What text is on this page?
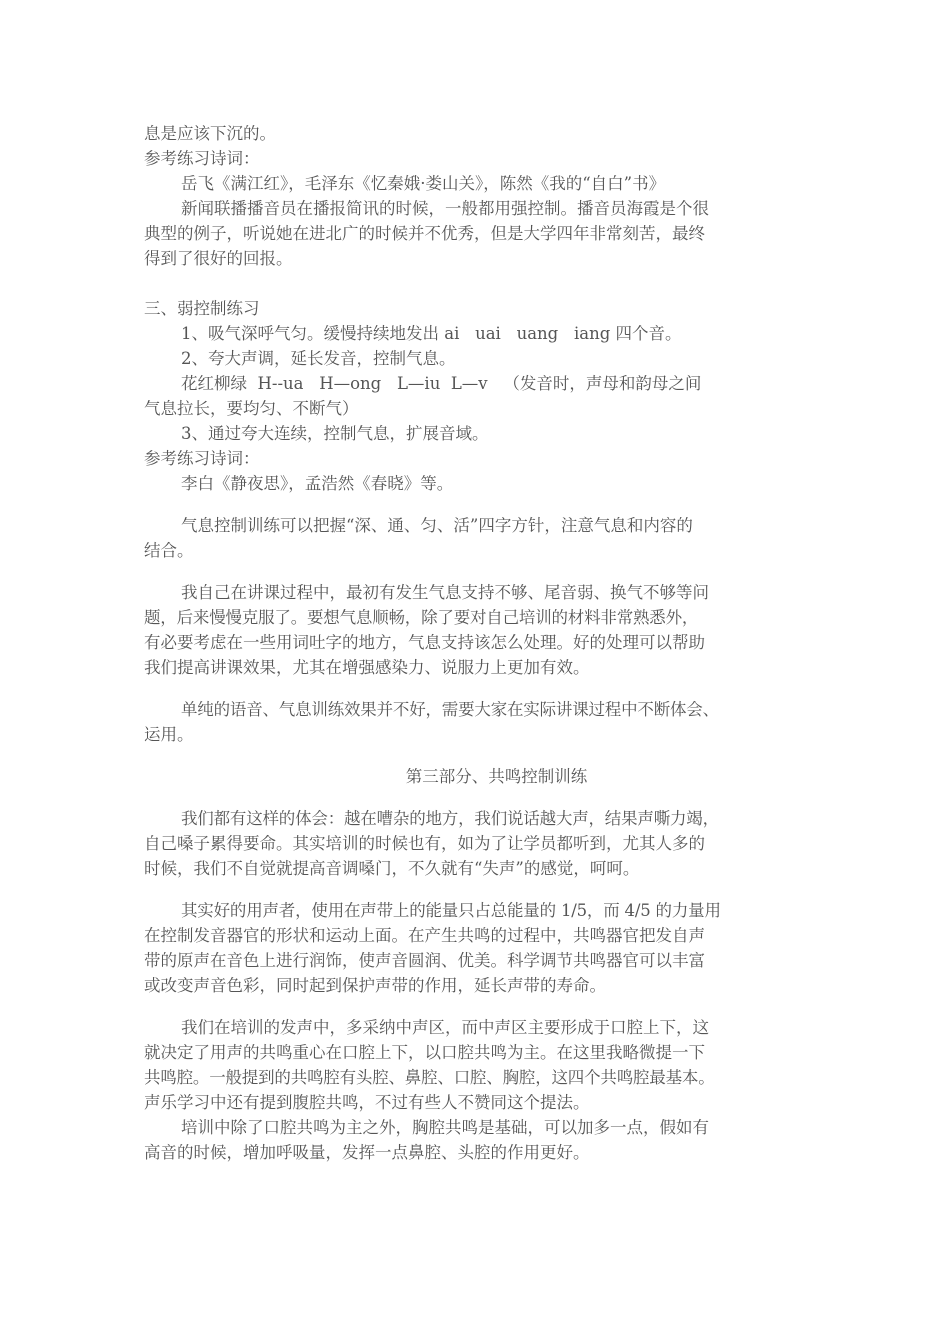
息是应该下沉的。
参考练习诗词：
岳飞《满江红》，毛泽东《忆秦娥·娄山关》，陈然《我的“自白”书》
新闻联播播音员在播报简讯的时候，一般都用强控制。播音员海霞是个很
典型的例子，听说她在进北广的时候并不优秀，但是大学四年非常刻苦，最终
得到了很好的回报。
三、弱控制练习
1、吸气深呼气匀。缓慢持续地发出 ai   uai   uang   iang 四个音。
2、夸大声调，延长发音，控制气息。
花红柳绿  H--ua   H—ong   L—iu  L—v   （发音时，声母和韵母之间
气息拉长，要均匀、不断气）
3、通过夸大连续，控制气息，扩展音域。
参考练习诗词：
李白《静夜思》，孟浩然《春晓》等。
气息控制训练可以把握“深、通、匀、活”四字方针，注意气息和内容的
结合。
我自己在讲课过程中，最初有发生气息支持不够、尾音弱、换气不够等问
题，后来慢慢克服了。要想气息顺畅，除了要对自己培训的材料非常熟悉外，
有必要考虑在一些用词吐字的地方，气息支持该怎么处理。好的处理可以帮助
我们提高讲课效果，尤其在增强感染力、说服力上更加有效。
单纯的语音、气息训练效果并不好，需要大家在实际讲课过程中不断体会、
运用。
第三部分、共鸣控制训练
我们都有这样的体会：越在嘈杂的地方，我们说话越大声，结果声嘶力竭，
自己嗓子累得要命。其实培训的时候也有，如为了让学员都听到，尤其人多的
时候，我们不自觉就提高音调嗓门，不久就有“失声”的感觉，呵呵。
其实好的用声者，使用在声带上的能量只占总能量的 1/5，而 4/5 的力量用
在控制发音器官的形状和运动上面。在产生共鸣的过程中，共鸣器官把发自声
带的原声在音色上进行润饰，使声音圆润、优美。科学调节共鸣器官可以丰富
或改变声音色彩，同时起到保护声带的作用，延长声带的寿命。
我们在培训的发声中，多采纳中声区，而中声区主要形成于口腔上下，这
就决定了用声的共鸣重心在口腔上下，以口腔共鸣为主。在这里我略微提一下
共鸣腔。一般提到的共鸣腔有头腔、鼻腔、口腔、胸腔，这四个共鸣腔最基本。
声乐学习中还有提到腹腔共鸣，不过有些人不赞同这个提法。
培训中除了口腔共鸣为主之外，胸腔共鸣是基础，可以加多一点，假如有
高音的时候，增加呼吸量，发挥一点鼻腔、头腔的作用更好。
